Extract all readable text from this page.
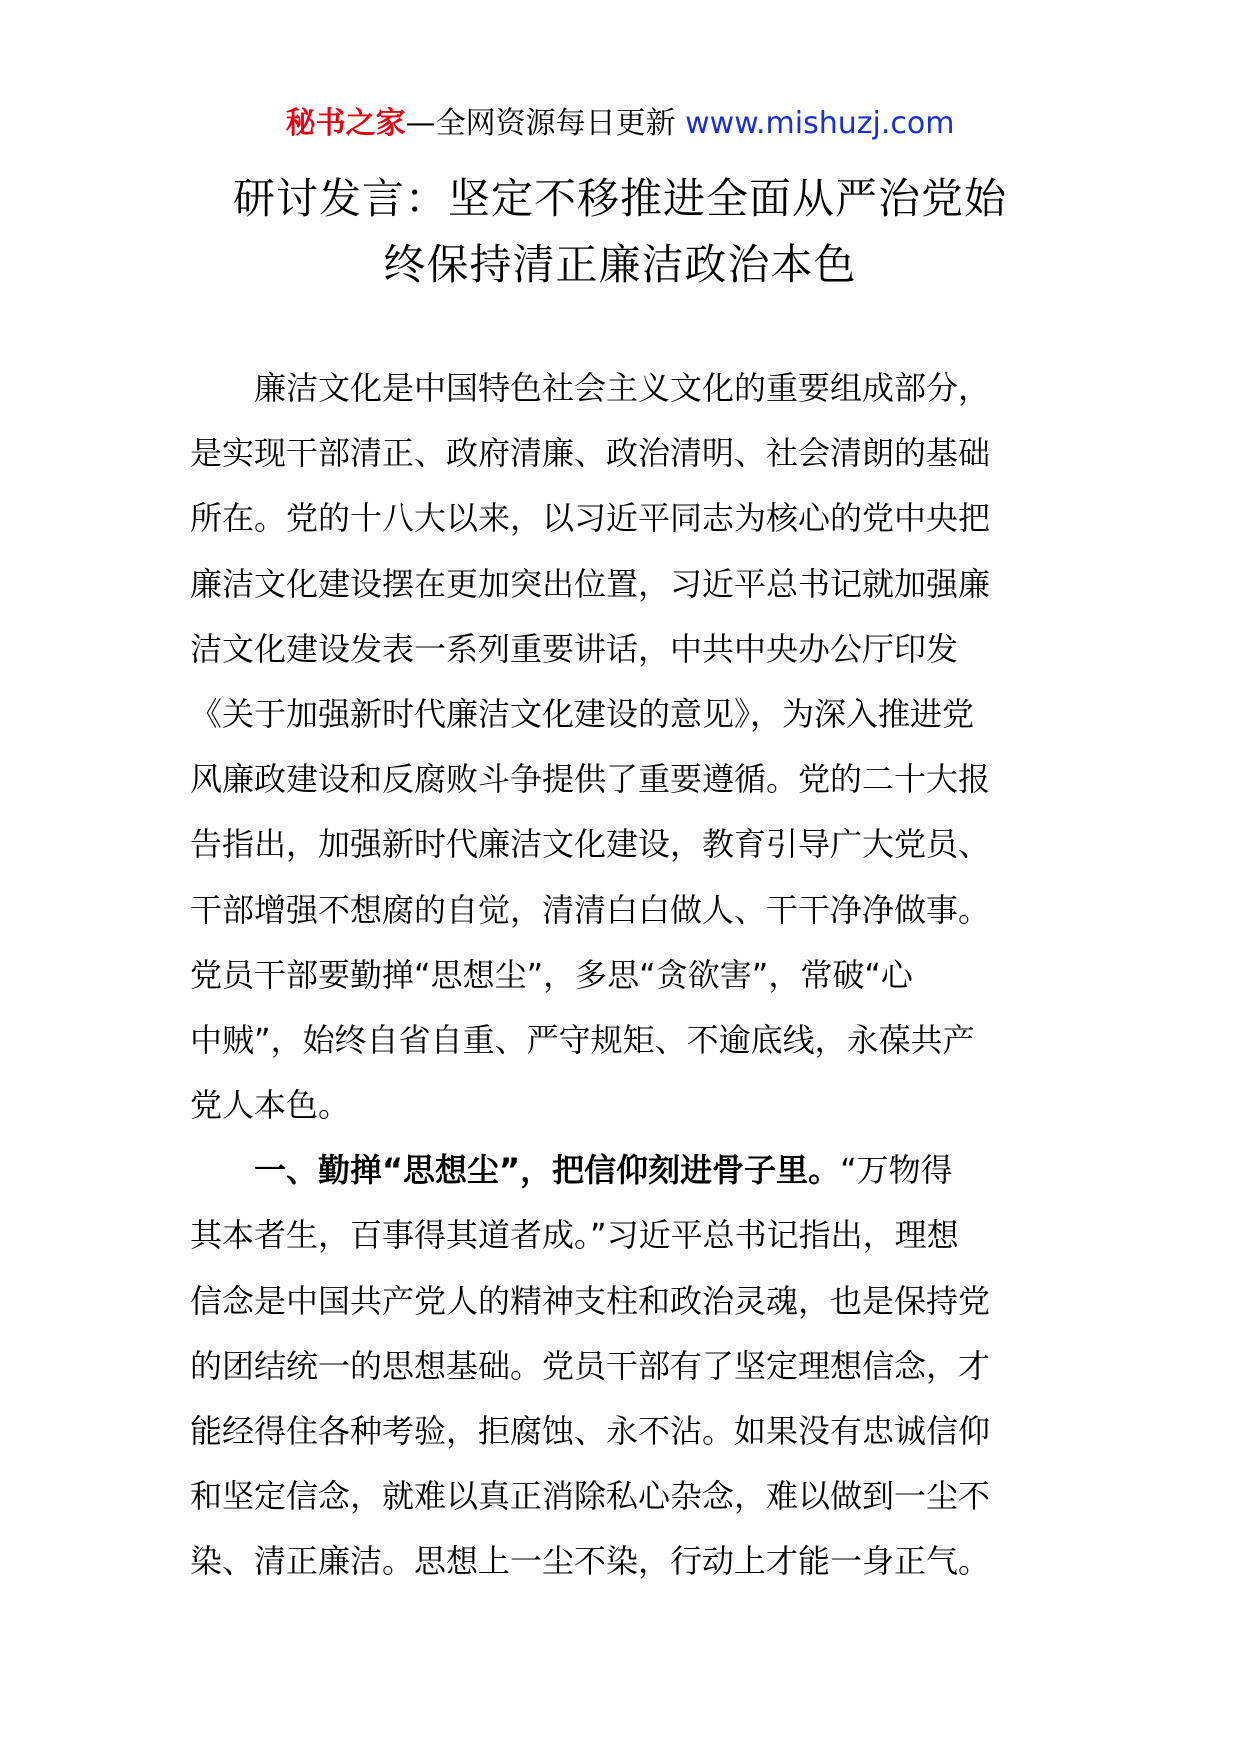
秘书之家—全网资源每日更新 www.mishuzj.com
研讨发言：坚定不移推进全面从严治党始
终保持清正廉洁政治本色
廉洁文化是中国特色社会主义文化的重要组成部分，
是实现干部清正、政府清廉、政治清明、社会清朗的基础
所在。党的十八大以来，以习近平同志为核心的党中央把
廉洁文化建设摆在更加突出位置，习近平总书记就加强廉
洁文化建设发表一系列重要讲话，中共中央办公厅印发
《关于加强新时代廉洁文化建设的意见》，为深入推进党
风廉政建设和反腐败斗争提供了重要遵循。党的二十大报
告指出，加强新时代廉洁文化建设，教育引导广大党员、
干部增强不想腐的自觉，清清白白做人、干干净净做事。
党员干部要勤掸“思想尘”，多思“贪欲害”，常破“心
中贼”，始终自省自重、严守规矩、不逾底线，永葆共产
党人本色。
一、勤掸“思想尘”，把信仰刻进骨子里。“万物得
其本者生，百事得其道者成。”习近平总书记指出，理想
信念是中国共产党人的精神支柱和政治灵魂，也是保持党
的团结统一的思想基础。党员干部有了坚定理想信念，才
能经得住各种考验，拒腐蚀、永不沾。如果没有忠诚信仰
和坚定信念，就难以真正消除私心杂念，难以做到一尘不
染、清正廉洁。思想上一尘不染，行动上才能一身正气。
